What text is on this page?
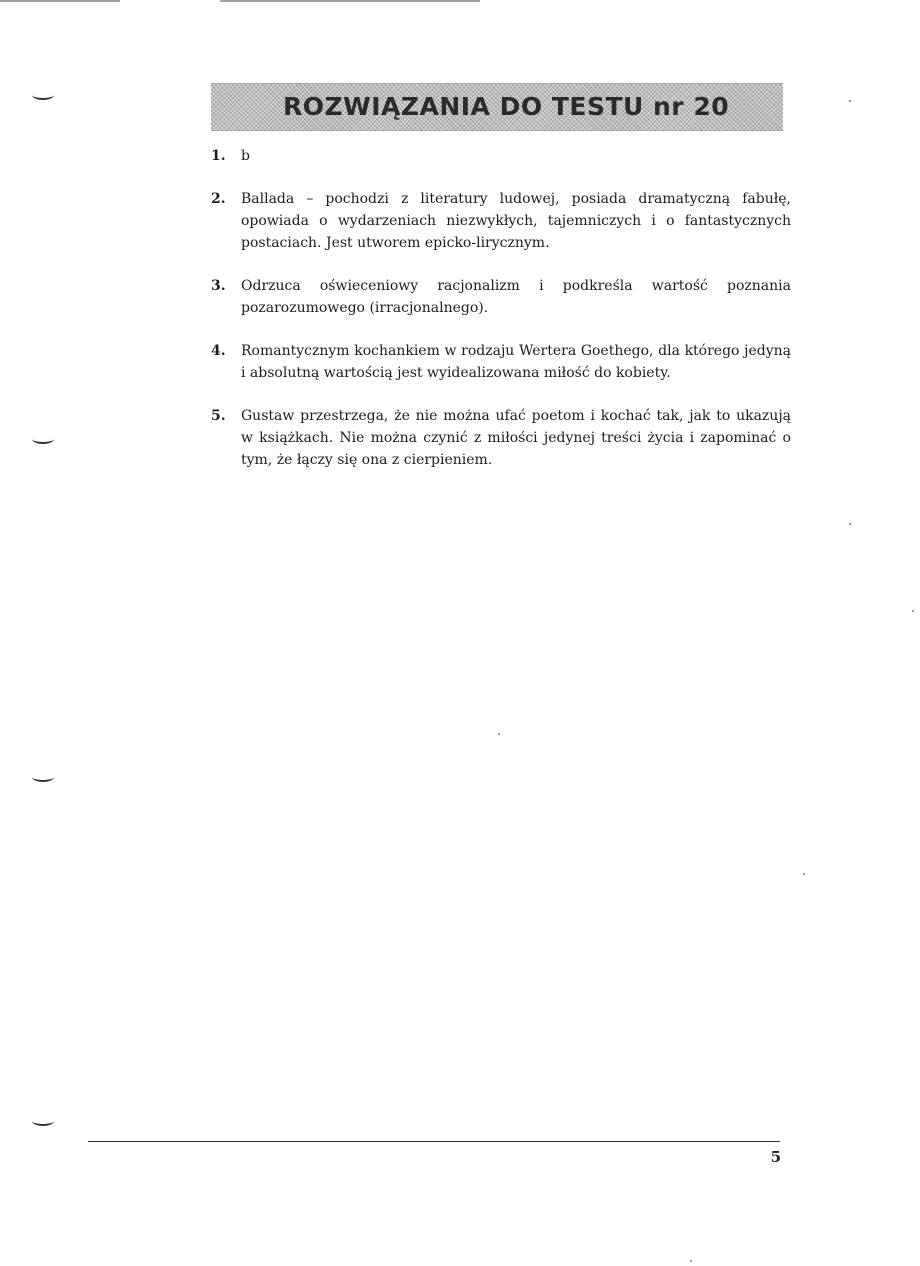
ROZWIĄZANIA DO TESTU nr 20
1.	b
2.	Ballada – pochodzi z literatury ludowej, posiada dramatyczną fabułę, opowiada o wydarzeniach niezwykłych, tajemniczych i o fantastycznych postaciach. Jest utworem epicko-lirycznym.
3.	Odrzuca oświeceniowy racjonalizm i podkreśla wartość poznania pozarozumowego (irracjonalnego).
4.	Romantycznym kochankiem w rodzaju Wertera Goethego, dla którego jedyną i absolutną wartością jest wyidealizowana miłość do kobiety.
5.	Gustaw przestrzega, że nie można ufać poetom i kochać tak, jak to ukazują w książkach. Nie można czynić z miłości jedynej treści życia i zapominać o tym, że łączy się ona z cierpieniem.
5
